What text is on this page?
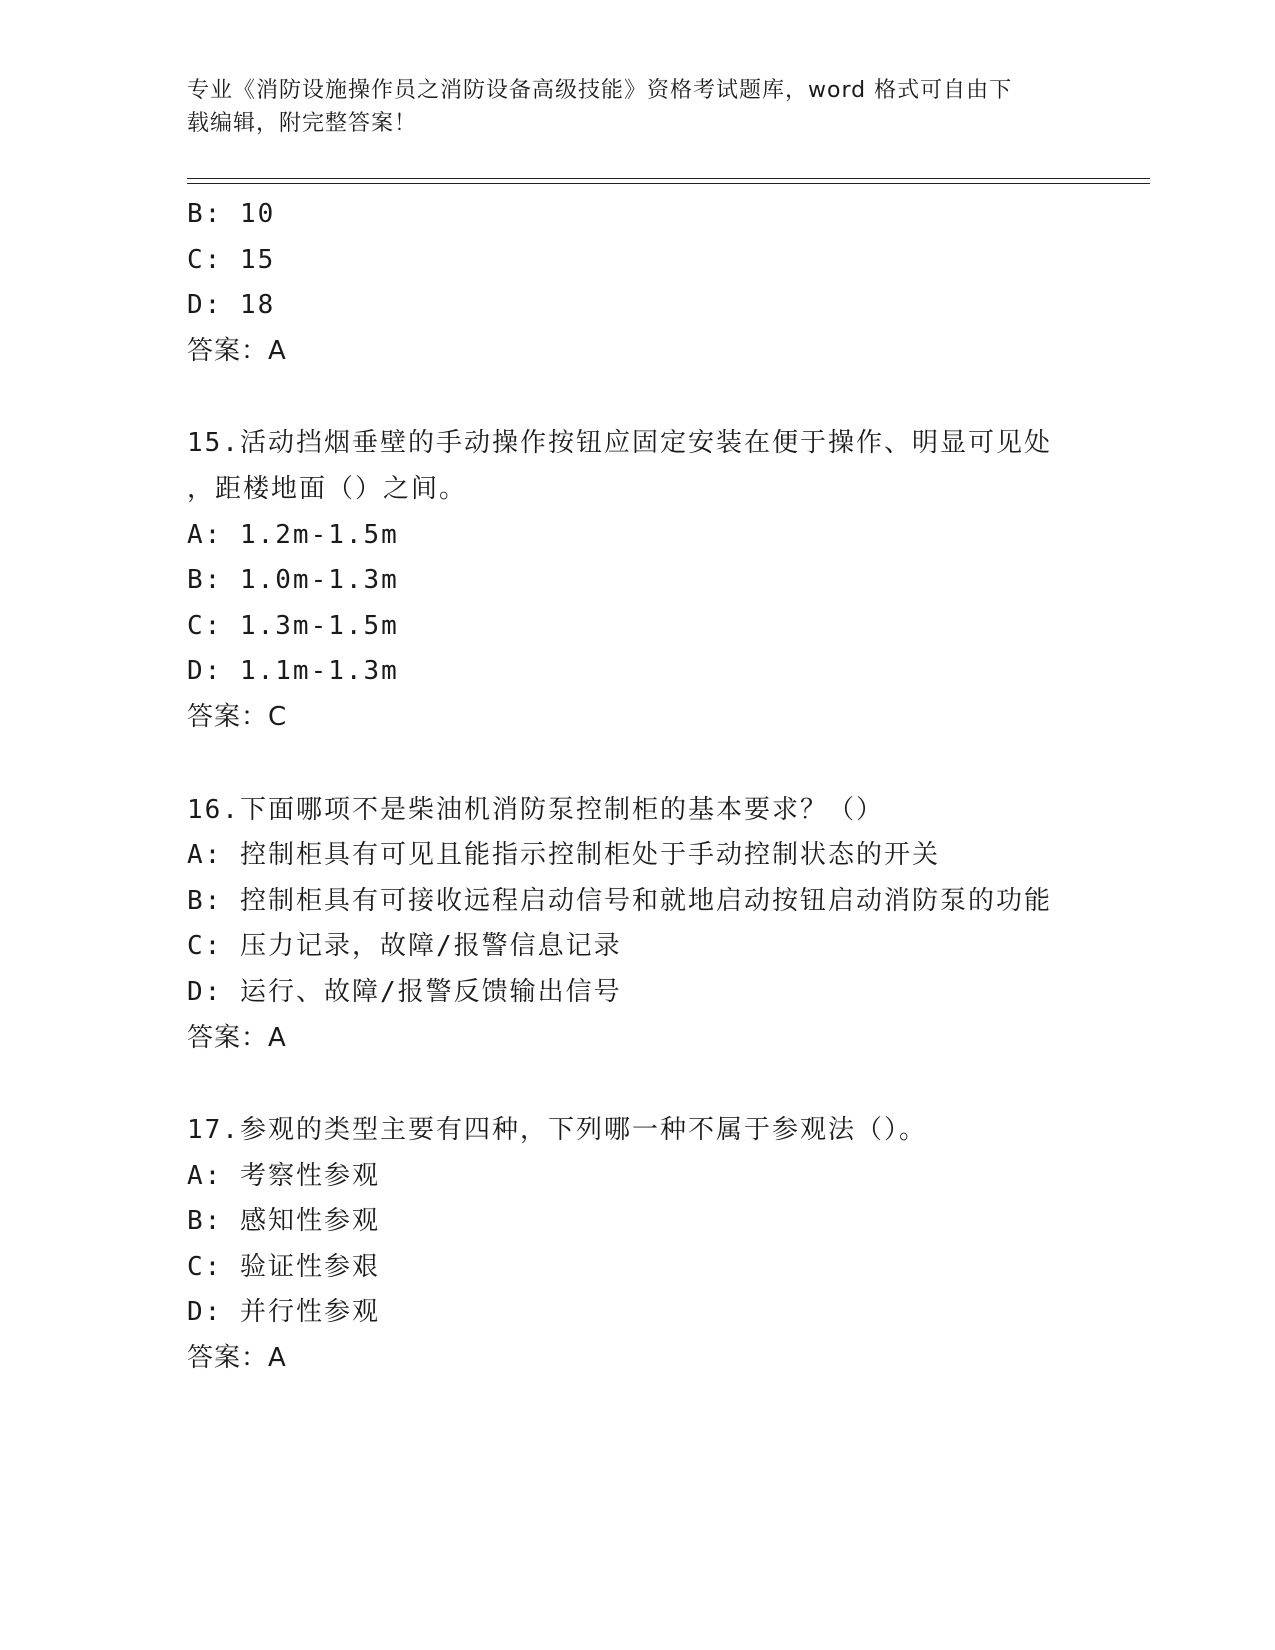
专业《消防设施操作员之消防设备高级技能》资格考试题库，word 格式可自由下
载编辑，附完整答案！
B: 10
C: 15
D: 18
答案：A
15.活动挡烟垂壁的手动操作按钮应固定安装在便于操作、明显可见处
，距楼地面（）之间。
A: 1.2m-1.5m
B: 1.0m-1.3m
C: 1.3m-1.5m
D: 1.1m-1.3m
答案：C
16.下面哪项不是柴油机消防泵控制柜的基本要求？（）
A: 控制柜具有可见且能指示控制柜处于手动控制状态的开关
B: 控制柜具有可接收远程启动信号和就地启动按钮启动消防泵的功能
C: 压力记录，故障/报警信息记录
D: 运行、故障/报警反馈输出信号
答案：A
17.参观的类型主要有四种，下列哪一种不属于参观法（）。
A: 考察性参观
B: 感知性参观
C: 验证性参艰
D: 并行性参观
答案：A
